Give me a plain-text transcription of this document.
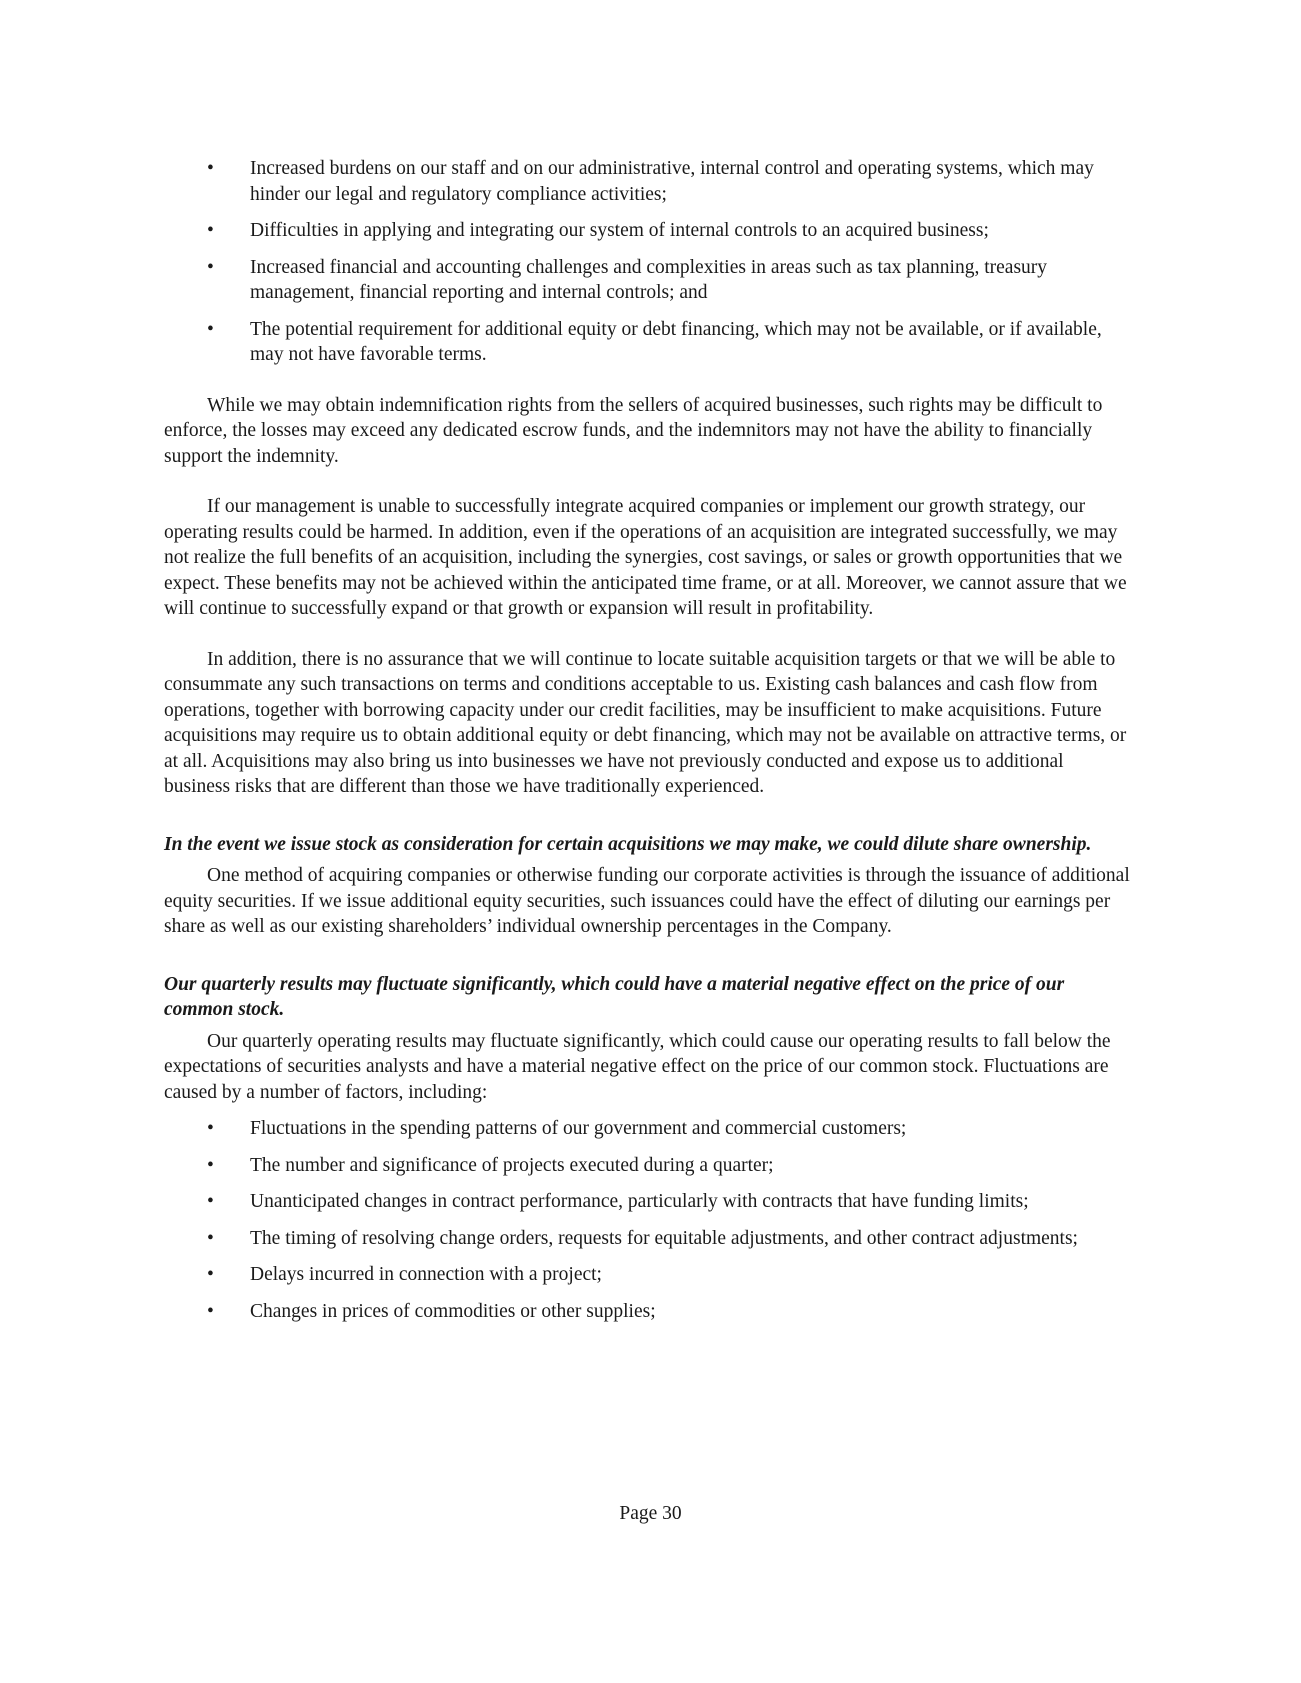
• Increased burdens on our staff and on our administrative, internal control and operating systems, which may hinder our legal and regulatory compliance activities;
• Difficulties in applying and integrating our system of internal controls to an acquired business;
• Increased financial and accounting challenges and complexities in areas such as tax planning, treasury management, financial reporting and internal controls; and
• The potential requirement for additional equity or debt financing, which may not be available, or if available, may not have favorable terms.

While we may obtain indemnification rights from the sellers of acquired businesses, such rights may be difficult to enforce, the losses may exceed any dedicated escrow funds, and the indemnitors may not have the ability to financially support the indemnity.

If our management is unable to successfully integrate acquired companies or implement our growth strategy, our operating results could be harmed. In addition, even if the operations of an acquisition are integrated successfully, we may not realize the full benefits of an acquisition, including the synergies, cost savings, or sales or growth opportunities that we expect. These benefits may not be achieved within the anticipated time frame, or at all. Moreover, we cannot assure that we will continue to successfully expand or that growth or expansion will result in profitability.

In addition, there is no assurance that we will continue to locate suitable acquisition targets or that we will be able to consummate any such transactions on terms and conditions acceptable to us. Existing cash balances and cash flow from operations, together with borrowing capacity under our credit facilities, may be insufficient to make acquisitions. Future acquisitions may require us to obtain additional equity or debt financing, which may not be available on attractive terms, or at all. Acquisitions may also bring us into businesses we have not previously conducted and expose us to additional business risks that are different than those we have traditionally experienced.

In the event we issue stock as consideration for certain acquisitions we may make, we could dilute share ownership.

One method of acquiring companies or otherwise funding our corporate activities is through the issuance of additional equity securities. If we issue additional equity securities, such issuances could have the effect of diluting our earnings per share as well as our existing shareholders’ individual ownership percentages in the Company.

Our quarterly results may fluctuate significantly, which could have a material negative effect on the price of our common stock.

Our quarterly operating results may fluctuate significantly, which could cause our operating results to fall below the expectations of securities analysts and have a material negative effect on the price of our common stock. Fluctuations are caused by a number of factors, including:

• Fluctuations in the spending patterns of our government and commercial customers;
• The number and significance of projects executed during a quarter;
• Unanticipated changes in contract performance, particularly with contracts that have funding limits;
• The timing of resolving change orders, requests for equitable adjustments, and other contract adjustments;
• Delays incurred in connection with a project;
• Changes in prices of commodities or other supplies;
Page 30
